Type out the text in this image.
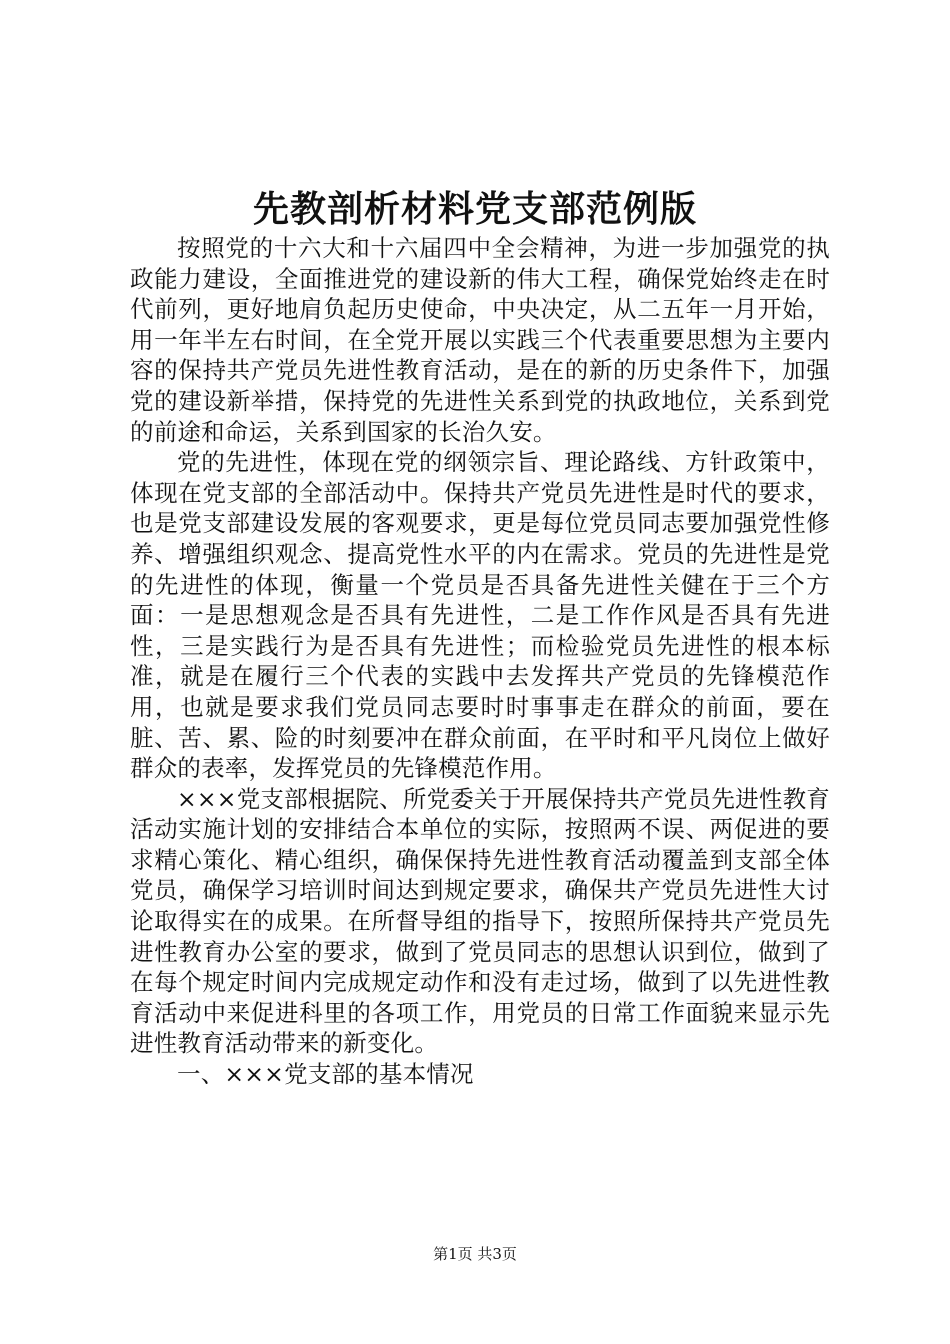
先教剖析材料党支部范例版

按照党的十六大和十六届四中全会精神，为进一步加强党的执政能力建设，全面推进党的建设新的伟大工程，确保党始终走在时代前列，更好地肩负起历史使命，中央决定，从二五年一月开始，用一年半左右时间，在全党开展以实践三个代表重要思想为主要内容的保持共产党员先进性教育活动，是在的新的历史条件下，加强党的建设新举措，保持党的先进性关系到党的执政地位，关系到党的前途和命运，关系到国家的长治久安。

党的先进性，体现在党的纲领宗旨、理论路线、方针政策中，体现在党支部的全部活动中。保持共产党员先进性是时代的要求，也是党支部建设发展的客观要求，更是每位党员同志要加强党性修养、增强组织观念、提高党性水平的内在需求。党员的先进性是党的先进性的体现，衡量一个党员是否具备先进性关健在于三个方面：一是思想观念是否具有先进性，二是工作作风是否具有先进性，三是实践行为是否具有先进性；而检验党员先进性的根本标准，就是在履行三个代表的实践中去发挥共产党员的先锋模范作用，也就是要求我们党员同志要时时事事走在群众的前面，要在脏、苦、累、险的时刻要冲在群众前面，在平时和平凡岗位上做好群众的表率，发挥党员的先锋模范作用。

×××党支部根据院、所党委关于开展保持共产党员先进性教育活动实施计划的安排结合本单位的实际，按照两不误、两促进的要求精心策化、精心组织，确保保持先进性教育活动覆盖到支部全体党员，确保学习培训时间达到规定要求，确保共产党员先进性大讨论取得实在的成果。在所督导组的指导下，按照所保持共产党员先进性教育办公室的要求，做到了党员同志的思想认识到位，做到了在每个规定时间内完成规定动作和没有走过场，做到了以先进性教育活动中来促进科里的各项工作，用党员的日常工作面貌来显示先进性教育活动带来的新变化。

一、×××党支部的基本情况

第1页 共3页
